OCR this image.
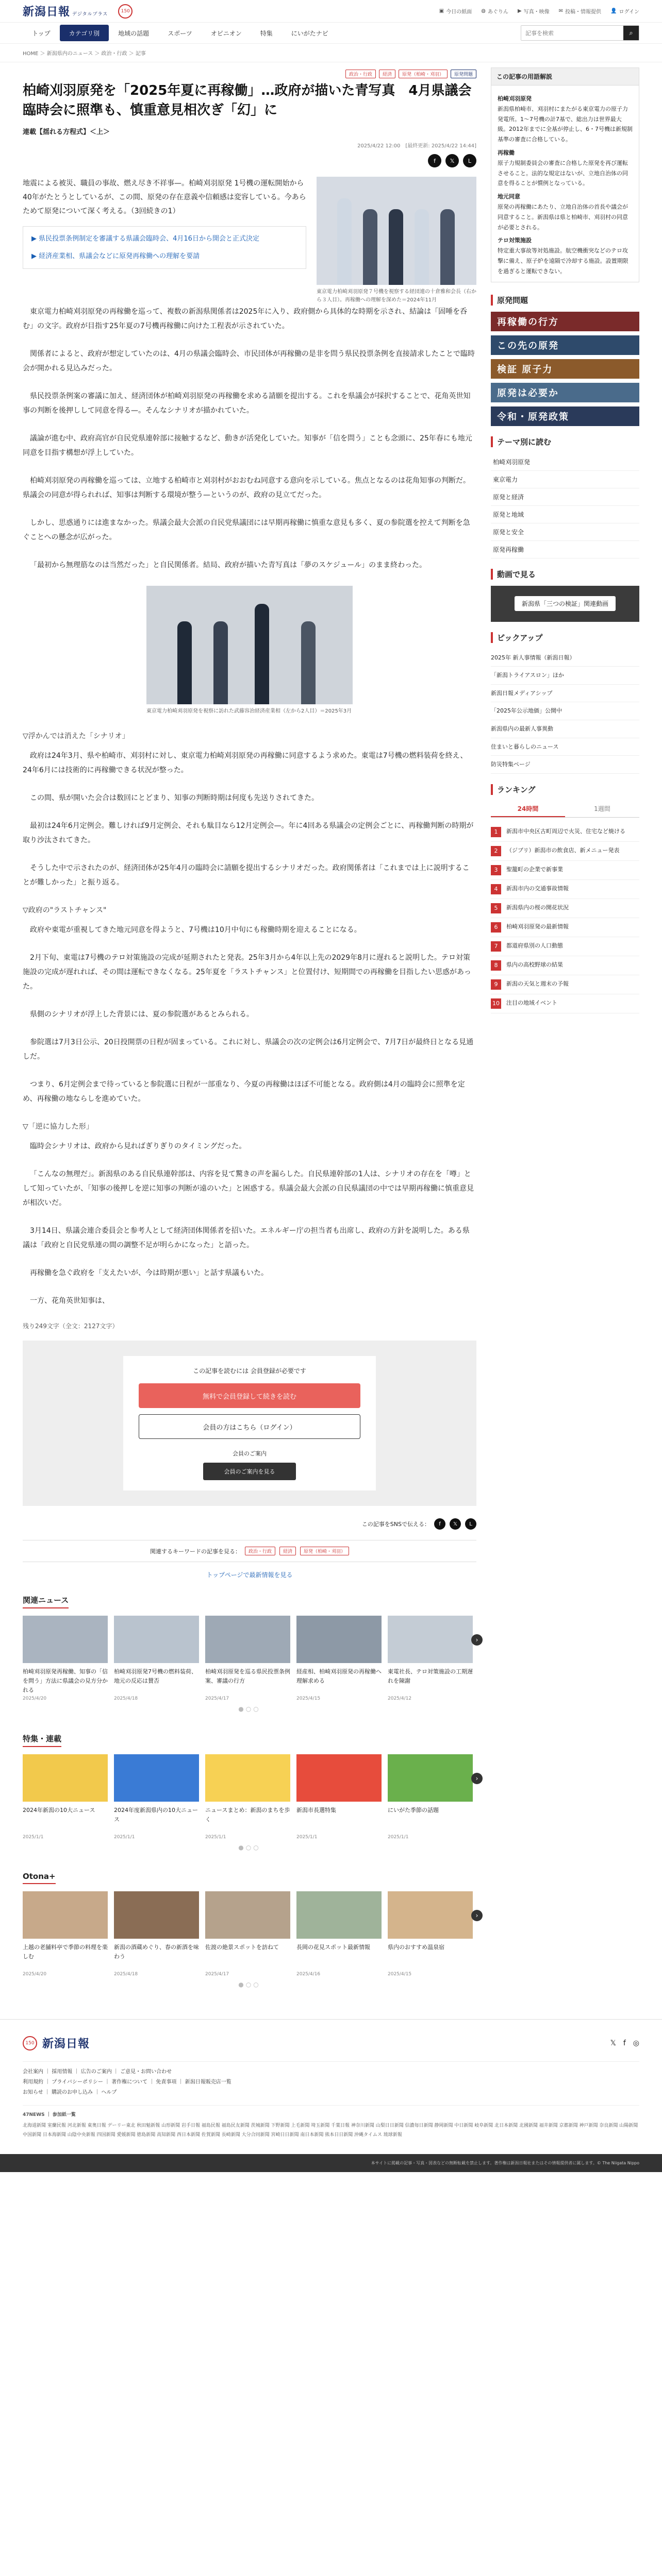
新潟日報 デジタルプラス
150	▣ 今日の紙面 ◍ あぐりん ▶ 写真・映像 ✉ 投稿・情報提供 👤 ログイン
トップ	カテゴリ別	地域の話題	スポーツ	オピニオン	特集	にいがたナビ
記事を検索	⌕
HOME ＞ 新潟県内のニュース ＞ 政治・行政 ＞ 記事
政治・行政	経済	原発（柏崎・刈羽）	原発問題
柏崎刈羽原発を「2025年夏に再稼働」…政府が描いた青写真　4月県議会臨時会に照準も、慎重意見相次ぎ「幻」に
連載【揺れる方程式】＜上＞
2025/4/22 12:00　[最終更新: 2025/4/22 14:44]
f	𝕏	L

地震による被災、職員の事故、燃え尽き不祥事—。柏崎刈羽原発 1号機の運転開始から40年がたとうとしているが、この間、原発の存在意義や信頼感は変容している。今あらためて原発について深く考える。（3回続きの1）

▶ 県民投票条例制定を審議する県議会臨時会、4月16日から開会と正式決定
▶ 経済産業相、県議会などに原発再稼働への理解を要請
東京電力柏崎刈羽原発７号機を視察する経団連の十倉雅和会長（右から３人目）。再稼働への理解を深めた＝2024年11月

東京電力柏崎刈羽原発の再稼働を巡って、複数の新潟県関係者は2025年に入り、政府側から具体的な時期を示され、結論は「固唾を呑む」の文字。政府が目指す25年夏の7号機再稼働に向けた工程表が示されていた。

関係者によると、政府が想定していたのは、4月の県議会臨時会、市民団体が再稼働の是非を問う県民投票条例を直接請求したことで臨時会が開かれる見込みだった。

県民投票条例案の審議に加え、経済団体が柏崎刈羽原発の再稼働を求める請願を提出する。これを県議会が採択することで、花角英世知事の判断を後押しして同意を得る—。そんなシナリオが描かれていた。

議論が進む中、政府高官が自民党県連幹部に接触するなど、動きが活発化していた。知事が「信を問う」ことも念頭に、25年春にも地元同意を目指す構想が浮上していた。

柏崎刈羽原発の再稼働を巡っては、立地する柏崎市と刈羽村がおおむね同意する意向を示している。焦点となるのは花角知事の判断だ。県議会の同意が得られれば、知事は判断する環境が整う—というのが、政府の見立てだった。

しかし、思惑通りには進まなかった。県議会最大会派の自民党県議団には早期再稼働に慎重な意見も多く、夏の参院選を控えて判断を急ぐことへの懸念が広がった。

「最初から無理筋なのは当然だった」と自民関係者。結局、政府が描いた青写真は「夢のスケジュール」のまま終わった。

東京電力柏崎刈羽原発を視察に訪れた武藤容治経済産業相（左から2人目）＝2025年3月

▽浮かんでは消えた「シナリオ」

政府は24年3月、県や柏崎市、刈羽村に対し、東京電力柏崎刈羽原発の再稼働に同意するよう求めた。東電は7号機の燃料装荷を終え、24年6月には技術的に再稼働できる状況が整った。

この間、県が開いた会合は数回にとどまり、知事の判断時期は何度も先送りされてきた。

最初は24年6月定例会。難しければ9月定例会、それも駄目なら12月定例会—。年に4回ある県議会の定例会ごとに、再稼働判断の時期が取り沙汰されてきた。

そうした中で示されたのが、経済団体が25年4月の臨時会に請願を提出するシナリオだった。政府関係者は「これまでは上に説明することが難しかった」と振り返る。

▽政府の"ラストチャンス"

政府や東電が重視してきた地元同意を得ようと、7号機は10月中旬にも稼働時期を迎えることになる。

2月下旬、東電は7号機のテロ対策施設の完成が延期されたと発表。25年3月から4年以上先の2029年8月に遅れると説明した。テロ対策施設の完成が遅れれば、その間は運転できなくなる。25年夏を「ラストチャンス」と位置付け、短期間での再稼働を目指したい思惑があった。

県側のシナリオが浮上した背景には、夏の参院選があるとみられる。

参院選は7月3日公示、20日投開票の日程が固まっている。これに対し、県議会の次の定例会は6月定例会で、7月7日が最終日となる見通しだ。

つまり、6月定例会まで待っていると参院選に日程が一部重なり、今夏の再稼働はほぼ不可能となる。政府側は4月の臨時会に照準を定め、再稼働の地ならしを進めていた。

▽「逆に協力した形」

臨時会シナリオは、政府から見ればぎりぎりのタイミングだった。

「こんなの無理だ」。新潟県のある自民県連幹部は、内容を見て驚きの声を漏らした。自民県連幹部の1人は、シナリオの存在を「噂」として知っていたが、「知事の後押しを逆に知事の判断が遠のいた」と困惑する。県議会最大会派の自民県議団の中では早期再稼働に慎重意見が相次いだ。

3月14日、県議会連合委員会と参考人として経済団体関係者を招いた。エネルギー庁の担当者も出席し、政府の方針を説明した。ある県議は「政府と自民党県連の間の調整不足が明らかになった」と語った。

再稼働を急ぐ政府を「支えたいが、今は時期が悪い」と話す県議もいた。

一方、花角英世知事は、

残り249文字（全文：2127文字）
この記事を読むには 会員登録が必要です
無料で会員登録して続きを読む
会員の方はこちら（ログイン）
会員のご案内
会員のご案内を見る
この記事をSNSで伝える：	f	𝕏	L
関連するキーワードの記事を見る：	政治・行政	経済	原発（柏崎・刈羽）
トップページで最新情報を見る
関連ニュース
柏崎刈羽原発再稼働、知事の「信を問う」方法に県議会の見方分かれる
2025/4/20
柏崎刈羽原発7号機の燃料装荷、地元の反応は賛否
2025/4/18
柏崎刈羽原発を巡る県民投票条例案、審議の行方
2025/4/17
経産相、柏崎刈羽原発の再稼働へ理解求める
2025/4/15
東電社長、テロ対策施設の工期遅れを陳謝
2025/4/12
›
●○○
特集・連載
2024年新潟の10大ニュース
2025/1/1
2024年度新潟県内の10大ニュース
2025/1/1
ニュースまとめ：新潟のまちを歩く
2025/1/1
新潟市長選特集
2025/1/1
にいがた季節の話題
2025/1/1
›
●○○
Otona+
上越の老舗料亭で季節の料理を楽しむ
2025/4/20
新潟の酒蔵めぐり、春の新酒を味わう
2025/4/18
佐渡の絶景スポットを訪ねて
2025/4/17
長岡の花見スポット最新情報
2025/4/16
県内のおすすめ温泉宿
2025/4/15
›
●○○
この記事の用語解説
柏崎刈羽原発
新潟県柏崎市、刈羽村にまたがる東京電力の原子力発電所。1〜7号機の計7基で、総出力は世界最大級。2012年までに全基が停止し、6・7号機は新規制基準の審査に合格している。
再稼働
原子力規制委員会の審査に合格した原発を再び運転させること。法的な規定はないが、立地自治体の同意を得ることが慣例となっている。
地元同意
原発の再稼働にあたり、立地自治体の首長や議会が同意すること。新潟県は県と柏崎市、刈羽村の同意が必要とされる。
テロ対策施設
特定重大事故等対処施設。航空機衝突などのテロ攻撃に備え、原子炉を遠隔で冷却する施設。設置期限を過ぎると運転できない。
原発問題
再稼働の行方
この先の原発
検証 原子力
原発は必要か
令和・原発政策
テーマ別に読む
柏崎刈羽原発
東京電力
原発と経済
原発と地域
原発と安全
原発再稼働
動画で見る
新潟県「三つの検証」関連動画
ピックアップ
2025年 新人事情報（新潟日報）
「新潟トライアスロン」ほか
新潟日報メディアシップ
「2025年公示地価」公開中
新潟県内の最新人事異動
住まいと暮らしのニュース
防災特集ページ
ランキング
24時間	1週間
1	新潟市中央区古町周辺で火災、住宅など焼ける
2	（ジブリ）新潟市の飲食店、新メニュー発表
3	聖籠町の企業で新事業
4	新潟市内の交通事故情報
5	新潟県内の桜の開花状況
6	柏崎刈羽原発の最新情報
7	都道府県別の人口動態
8	県内の高校野球の結果
9	新潟の天気と週末の予報
10 注目の地域イベント
150 新潟日報	𝕏 f ◎
会社案内 ｜ 採用情報 ｜ 広告のご案内 ｜ ご意見・お問い合わせ
利用規約 ｜ プライバシーポリシー ｜ 著作権について ｜ 免責事項 ｜ 新潟日報販売店一覧
お知らせ ｜ 購読のお申し込み ｜ ヘルプ
47NEWS ｜ 参加紙一覧
北海道新聞 室蘭民報 河北新報 東奥日報 デーリー東北 秋田魁新報 山形新聞 岩手日報 福島民報 福島民友新聞 茨城新聞 下野新聞 上毛新聞 埼玉新聞 千葉日報 神奈川新聞 山梨日日新聞 信濃毎日新聞 静岡新聞 中日新聞 岐阜新聞 北日本新聞 北國新聞 福井新聞 京都新聞 神戸新聞 奈良新聞 山陽新聞 中国新聞 日本海新聞 山陰中央新報 四国新聞 愛媛新聞 徳島新聞 高知新聞 西日本新聞 佐賀新聞 長崎新聞 大分合同新聞 宮崎日日新聞 南日本新聞 熊本日日新聞 沖縄タイムス 琉球新報
本サイトに掲載の記事・写真・図表などの無断転載を禁止します。著作権は新潟日報社またはその情報提供者に属します。© The Niigata Nippo
